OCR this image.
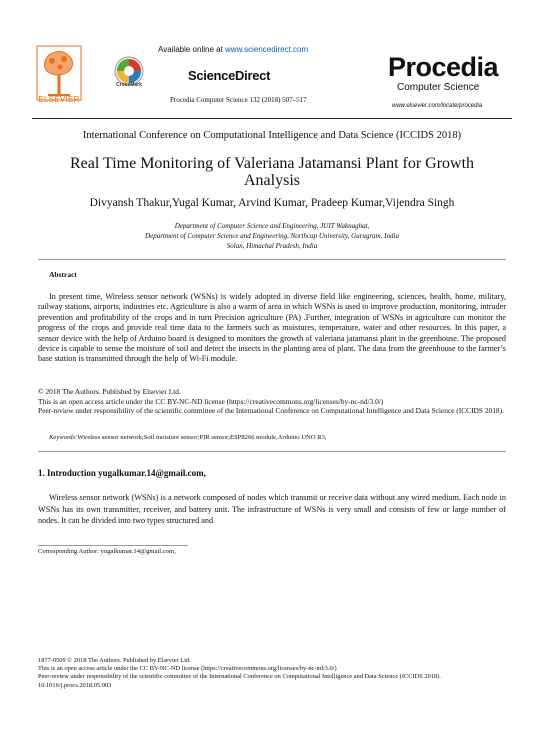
ELSEVIER
Available online at www.sciencedirect.com
CrossMark
ScienceDirect
Procedia Computer Science 132 (2018) 507–517
Procedia
Computer Science
www.elsevier.com/locate/procedia
International Conference on Computational Intelligence and Data Science (ICCIDS 2018)
Real Time Monitoring of Valeriana Jatamansi Plant for Growth Analysis
Divyansh Thakur,Yugal Kumar, Arvind Kumar, Pradeep Kumar,Vijendra Singh
Department of Computer Science and Engineering, JUIT Waknaghat,
Department of Computer Science and Engineering, Northcap University, Gurugram, India
Solan, Himachal Pradesh, India
Abstract
In present time, Wireless sensor network (WSNs) is widely adopted in diverse field like engineering, sciences, health, home, military, railway stations, airports, industries etc. Agriculture is also a warm of area in which WSNs is used to improve production, monitoring, intruder prevention and profitability of the crops and in turn Precision agriculture (PA) .Further, integration of WSNs in agriculture can monitor the progress of the crops and provide real time data to the farmers such as moistures, temperature, water and other resources. In this paper, a sensor device with the help of Arduino board is designed to monitors the growth of valeriana jatamansi plant in the greenhouse. The proposed device is capable to sense the moisture of soil and detect the insects in the planting area of plant. The data from the greenhouse to the farmer’s base station is transmitted through the help of Wi-Fi module.
© 2018 The Authors. Published by Elsevier Ltd.
This is an open access article under the CC BY-NC-ND license (https://creativecommons.org/licenses/by-nc-nd/3.0/)
Peer-review under responsibility of the scientific committee of the International Conference on Computational Intelligence and Data Science (ICCIDS 2018).
Keywords:Wireless sensor network;Soil moisture sensor;PIR sensor;ESP8266 module,Arduino UNO R3,
1. Introduction yugalkumar.14@gmail.com,
Wireless sensor network (WSNs) is a network composed of nodes which transmit or receive data without any wired medium. Each node in WSNs has its own transmitter, receiver, and battery unit. The infrastructure of WSNs is very small and consists of few or large number of nodes. It can be divided into two types structured and
Corresponding Author: yugalkumar.14@gmail.com,
1877-0509 © 2018 The Authors. Published by Elsevier Ltd.
This is an open access article under the CC BY-NC-ND license (https://creativecommons.org/licenses/by-nc-nd/3.0/)
Peer-review under responsibility of the scientific committee of the International Conference on Computational Intelligence and Data Science (ICCIDS 2018).
10.1016/j.procs.2018.05.003
